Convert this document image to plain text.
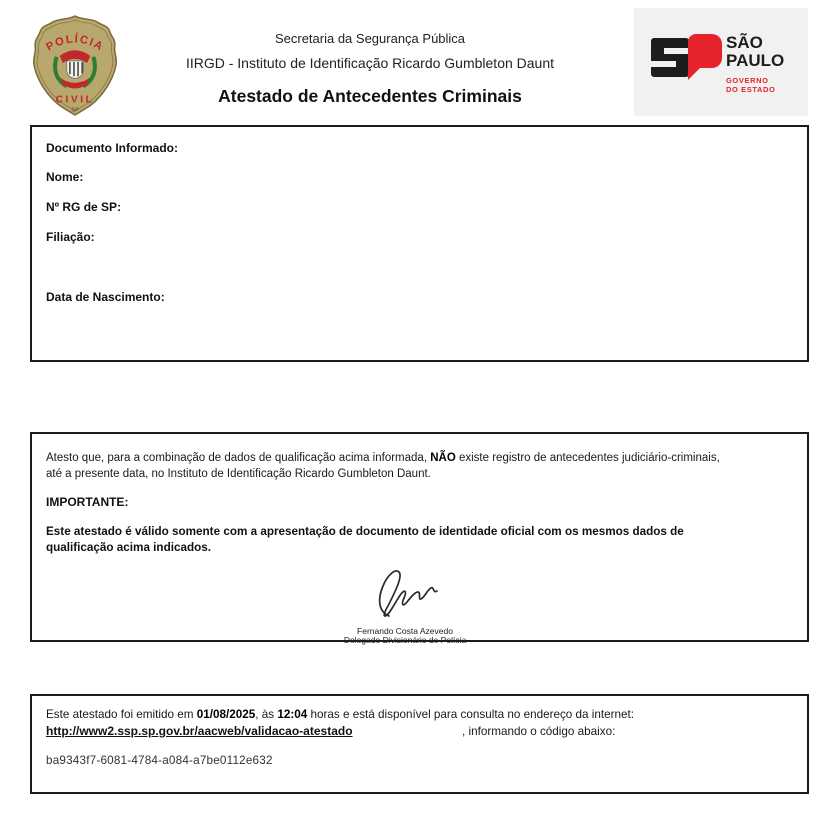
POLÍCIA
CIVIL
SP
Secretaria da Segurança Pública
IIRGD - Instituto de Identificação Ricardo Gumbleton Daunt
Atestado de Antecedentes Criminais
SÃO
PAULO
GOVERNO
DO ESTADO
Documento Informado:
Nome:
Nº RG de SP:
Filiação:
Data de Nascimento:

Atesto que, para a combinação de dados de qualificação acima informada, NÃO existe registro de antecedentes judiciário-criminais, até a presente data, no Instituto de Identificação Ricardo Gumbleton Daunt.

IMPORTANTE:

Este atestado é válido somente com a apresentação de documento de identidade oficial com os mesmos dados de qualificação acima indicados.

Fernando Costa Azevedo
Delegado Divisionário de Polícia
Este atestado foi emitido em 01/08/2025, às 12:04 horas e está disponível para consulta no endereço da internet:
http://www2.ssp.sp.gov.br/aacweb/validacao-atestado	, informando o código abaixo:
ba9343f7-6081-4784-a084-a7be0112e632
